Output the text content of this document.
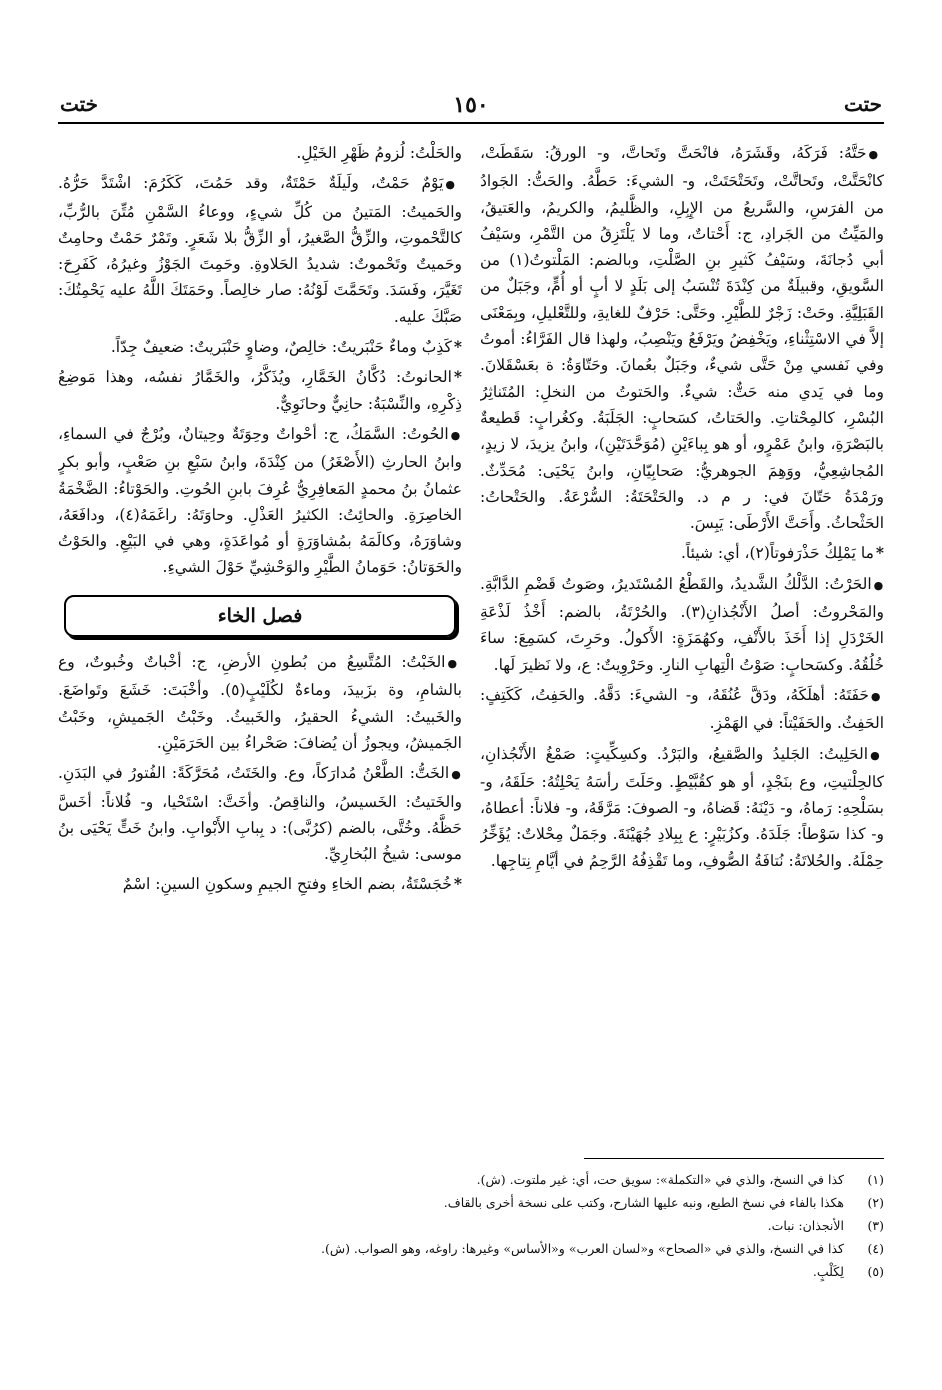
حتت
١٥٠
ختت

● حَتَّهُ: فَرَكَهُ، وقَشَرَهُ، فانْحَتَّ وتَحاتَّ، و- الورقُ: سَقَطَتْ، كانْحَتَّتْ، وتَحاتَّتْ، وتَحَتْحَتَتْ، و- الشيءَ: حَطَّهُ. والحَتُّ: الجَوادُ من الفرَسِ، والسَّريعُ من الإِبِلِ، والظَّليمُ، والكريمُ، والعَتيقُ، والمَيِّتُ من الجَرادِ، ج: أَحْتاتٌ، وما لا يَلْتَزِقُ من التَّمْرِ، وسَيْفُ أبي دُجانَةَ، وسَيْفُ كَثيرِ بنِ الصَّلْتِ، وبالضم: المَلْتوتُ(١) من السَّويقِ، وقبيلَةٌ من كِنْدَةَ تُنْسَبُ إلى بَلَدٍ لا أبٍ أو أُمٍّ، وجَبَلٌ من القَبَلِيَّةِ. وحَتْ: زَجْرٌ للطَّيْرِ. وحَتَّى: حَرْفٌ للغايةِ، وللتَّعْليلِ، وبِمَعْنَى إلاَّ في الاسْتِثْناءِ، ويَخْفِضُ ويَرْفَعُ ويَنْصِبُ، ولهذا قال الفَرَّاءُ: أموتُ وفي نَفسي مِنْ حَتَّى شيءٌ، وجَبَلٌ بعُمانَ. وحَتّاوَةُ: ة بعَسْقَلانَ. وما في يَدي منه حَتٌّ: شيءٌ. والحَتوتُ من النخلِ: المُتَناثِرُ البُسْرِ، كالمِحْتاتِ. والحَتاتُ، كسَحابٍ: الجَلَبَةُ. وكغُرابٍ: قَطيعةٌ بالبَصْرَةِ، وابنُ عَمْرٍو، أو هو بِباءَيْنِ (مُوَحَّدَتَيْنِ)، وابنُ يزيدَ، لا زيدٍ، المُجاشِعِيُّ، ووَهِمَ الجوهريُّ: صَحابِيّانِ، وابنُ يَحْيَى: مُحَدِّثٌ. ورَمْدَةُ حَتّانَ في: ر م د. والحَتْحَتَةُ: السُّرْعَةُ. والحَتْحاتُ: الحَثْحاثُ. وأَحَتَّ الأَرْطَى: يَبِسَ.

* ما يَمْلِكُ حَذْرَفوتاً(٢)، أي: شيئاً.

● الحَرْتُ: الدَّلْكُ الشَّديدُ، والقَطْعُ المُسْتَديرُ، وصَوتُ قَضْمِ الدَّابَّةِ. والمَحْروتُ: أصلُ الأَنْجُذانِ(٣). والحُرْتَةُ، بالضم: أَخْذُ لَذْعَةِ الخَرْدَلِ إذا أَخَذَ بالأَنْفِ، وكهُمَزَةٍ: الأَكولُ. وحَرِتَ، كسَمِعَ: ساءَ خُلُقُهُ. وكسَحابٍ: صَوْتُ الْتِهابِ النارِ. وحَرْوِيتٌ: ع، ولا نَظيرَ لَها.

● حَفَتَهُ: أهلَكَهُ، ودَقَّ عُنُقَهُ، و- الشيءَ: دَقَّهُ. والحَفِتُ، كَكَتِفٍ: الحَفِثُ. والحَفَيْتاً: في الهَمْزِ.

● الحَلِيتُ: الجَليدُ والصَّقيعُ، والبَرْدُ. وكسِكِّيتٍ: صَمْغُ الأَنْجُذانِ، كالحِلْتيتِ، وع بنَجْدٍ، أو هو كقُبَّيْطٍ. وحَلَتَ رأسَهُ يَحْلِتُهُ: حَلَقَهُ، و- بسَلْحِهِ: رَماهُ، و- دَيْنَهُ: قَضاهُ، و- الصوفَ: مَرَّقَهُ، و- فلاناً: أعطاهُ، و- كذا سَوْطاً: جَلَدَهُ. وكزُبَيْرٍ: ع بِبِلادِ جُهَيْنَةَ. وجَمَلٌ مِحْلاتٌ: يُؤَخِّرُ حِمْلَهُ. والحُلاتَةُ: نُتافَةُ الصُّوفِ، وما تَقْذِفُهُ الرَّحِمُ في أيَّامِ نِتاجِها.

والحَلْتُ: لُزومُ ظَهْرِ الخَيْلِ.

● يَوْمٌ حَمْتٌ، ولَيلَةٌ حَمْتَةٌ، وقد حَمُتَ، كَكَرُمَ: اشْتَدَّ حَرُّهُ. والحَميتُ: المَتينُ من كُلِّ شيءٍ، ووعاءُ السَّمْنِ مُتِّنَ بالرُّبِّ، كالتَّحْموتِ، والزِّقُّ الصَّغيرُ، أو الزِّقُّ بلا شَعَرٍ. وتَمْرٌ حَمْتٌ وحامِتٌ وحَميتٌ وتَحْموتٌ: شديدُ الحَلاوةِ. وحَمِتَ الجَوْزُ وغيرُهُ، كَفَرِحَ: تَغَيَّرَ، وفَسَدَ. وتَحَمَّتَ لَوْنُهُ: صار خالِصاً. وحَمَتَكَ اللَّهُ عليه يَحْمِتُكَ: صَبَّكَ عليه.

* كَذِبٌ وماءٌ حَنْبَريتٌ: خالِصٌ، وضاوٍ حَنْبَريتٌ: ضعيفٌ جِدّاً.

* الحانوتُ: دُكَّانُ الخَمَّارِ، ويُذَكَّرُ، والخَمَّارُ نفسُه، وهذا مَوضِعُ ذِكْرِهِ، والنِّسْبَةُ: حانِيٌّ وحانَوِيٌّ.

● الحُوتُ: السَّمَكُ، ج: أحْواتٌ وحِوَتَةٌ وحِيتانٌ، وبُرْجٌ في السماءِ، وابنُ الحارثِ (الأَصْغَرُ) من كِنْدَةَ، وابنُ سَبْعِ بنِ صَعْبٍ، وأبو بكرٍ عثمانُ بنُ محمدٍ المَعافِرِيُّ عُرِفَ بابنِ الحُوتِ. والحَوْتاءُ: الضَّخْمَةُ الخاصِرَةِ. والحائِتُ: الكثيرُ العَذْلِ. وحاوَتَهُ: راغَمَهُ(٤)، ودافَعَهُ، وشاوَرَهُ، وكالَمَهُ بمُشاوَرَةٍ أو مُواعَدَةٍ، وهي في البَيْعِ. والحَوْتُ والحَوَتانُ: حَوَمانُ الطَّيْرِ والوَحْشِيِّ حَوْلَ الشيءِ.

فصل الخاء

● الخَبْتُ: المُتَّسِعُ من بُطونِ الأرضِ، ج: أخْباتٌ وخُبوتٌ، وع بالشامِ، وة بزَبيدَ، وماءةٌ لكُلَيْبٍ(٥). وأخْبَتَ: خَشَعَ وتَواضَعَ. والخَبيتُ: الشيءُ الحقيرُ، والخَبيثُ. وخَبْتُ الجَميشِ، وخَبْتُ الجَميشُ، ويجوزُ أن يُضافَ: صَحْراءُ بين الحَرَمَيْنِ.

● الخَتُّ: الطَّعْنُ مُدارَكاً، وع. والخَتَتُ، مُحَرَّكَةً: الفُتورُ في البَدَنِ. والخَتيتُ: الخَسيسُ، والناقِصُ. وأخَتَّ: اسْتَحْيا، و- فُلاناً: أخَسَّ حَظَّهُ. وخُتَّى، بالضم (كرُبَّى): د بِبابِ الأَبْوابِ. وابنُ خَتٍّ يَحْيَى بنُ موسى: شيخُ البُخارِيِّ.

* خُجَسْتَةُ، بضم الخاءِ وفتحِ الجيمِ وسكونِ السينِ: اسْمٌ

(١)
كذا في النسخ، والذي في «التكملة»: سويق حت، أي: غير ملتوت. (ش).
(٢)
هكذا بالفاء في نسخ الطبع، ونبه عليها الشارح، وكتب على نسخة أخرى بالقاف.
(٣)
الأنجذان: نبات.
(٤)
كذا في النسخ، والذي في «الصحاح» و«لسان العرب» و«الأساس» وغيرها: راوغه، وهو الصواب. (ش).
(٥)
لِكَلْبٍ.
